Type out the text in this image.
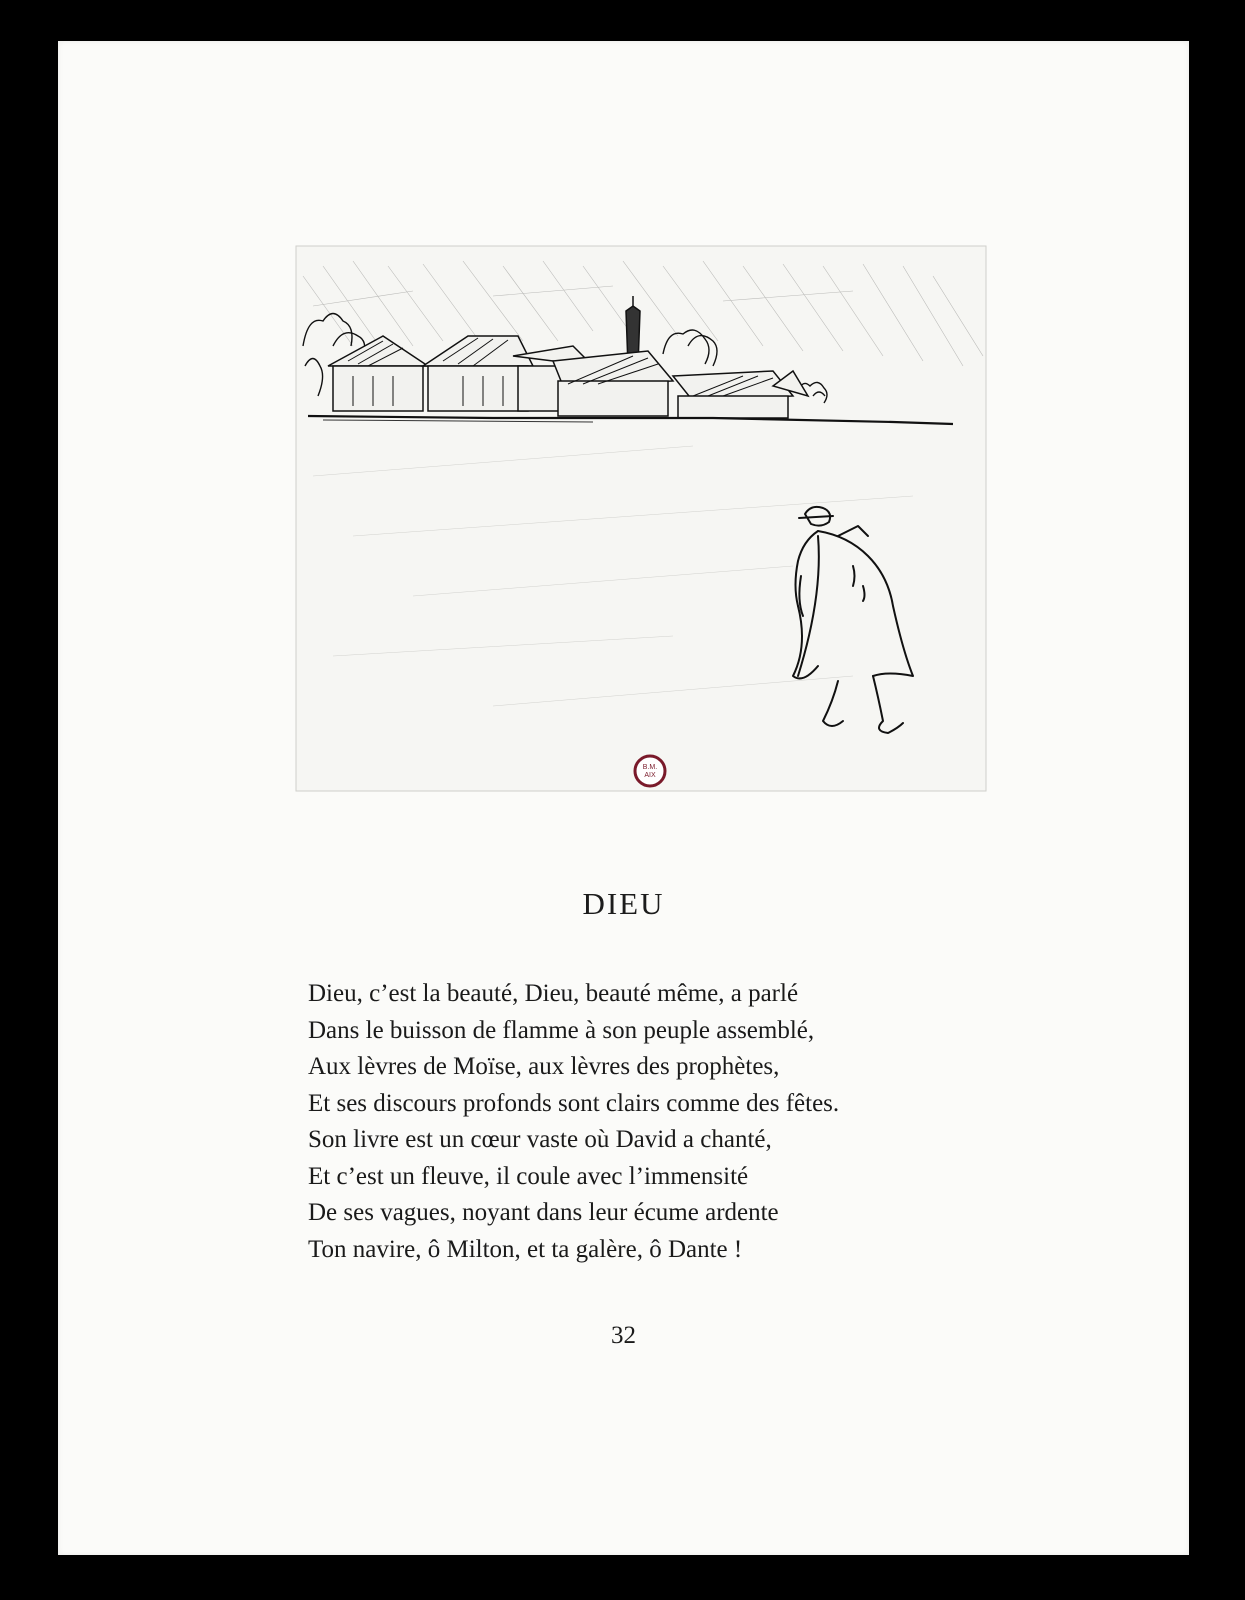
B.M.
AIX
DIEU
Dieu, c’est la beauté, Dieu, beauté même, a parlé
Dans le buisson de flamme à son peuple assemblé,
Aux lèvres de Moïse, aux lèvres des prophètes,
Et ses discours profonds sont clairs comme des fêtes.
Son livre est un cœur vaste où David a chanté,
Et c’est un fleuve, il coule avec l’immensité
De ses vagues, noyant dans leur écume ardente
Ton navire, ô Milton, et ta galère, ô Dante !
32
